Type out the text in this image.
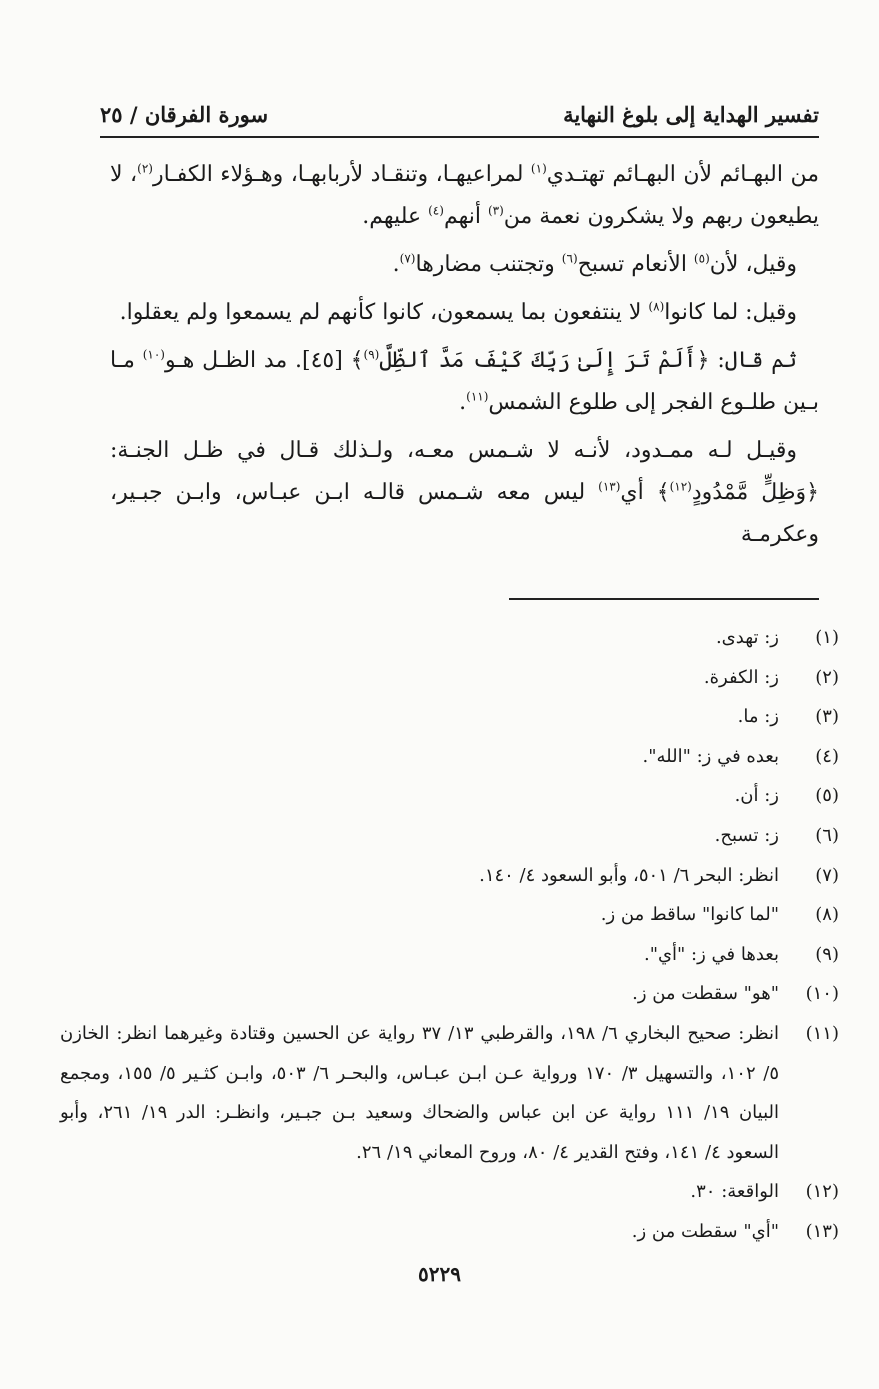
تفسير الهداية إلى بلوغ النهاية
سورة الفرقان / ٢٥

من البهـائم لأن البهـائم تهتـدي$^{(١)}$ لمراعيهـا، وتنقـاد لأربابهـا، وهـؤلاء الكفـار$^{(٢)}$، لا يطيعون ربهم ولا يشكرون نعمة من$^{(٣)}$ أنهم$^{(٤)}$ عليهم.

وقيل، لأن$^{(٥)}$ الأنعام تسبح$^{(٦)}$ وتجتنب مضارها$^{(٧)}$.

وقيل: لما كانوا$^{(٨)}$ لا ينتفعون بما يسمعون، كانوا كأنهم لم يسمعوا ولم يعقلوا.

ثم قال: ﴿أَلَمْ تَرَ إِلَىٰ رَبِّكَ كَيْفَ مَدَّ ٱلظِّلَّ$^{(٩)}$﴾ [٤٥]. مد الظـل هـو$^{(١٠)}$ مـا بـين طلـوع الفجر إلى طلوع الشمس$^{(١١)}$.

وقيـل لـه ممـدود، لأنـه لا شـمس معـه، ولـذلك قـال في ظـل الجنـة: ﴿وَظِلٍّ مَّمْدُودٍ$^{(١٢)}$﴾ أي$^{(١٣)}$ ليس معه شـمس قالـه ابـن عبـاس، وابـن جبـير، وعكرمـة

(١)
ز: تهدى.
(٢)
ز: الكفرة.
(٣)
ز: ما.
(٤)
بعده في ز: "الله".
(٥)
ز: أن.
(٦)
ز: تسبح.
(٧)
انظر: البحر ٦/ ٥٠١، وأبو السعود ٤/ ١٤٠.
(٨)
"لما كانوا" ساقط من ز.
(٩)
بعدها في ز: "أي".
(١٠)
"هو" سقطت من ز.
(١١)
انظر: صحيح البخاري ٦/ ١٩٨، والقرطبي ١٣/ ٣٧ رواية عن الحسين وقتادة وغيرهما انظر: الخازن ٥/ ١٠٢، والتسهيل ٣/ ١٧٠ ورواية عـن ابـن عبـاس، والبحـر ٦/ ٥٠٣، وابـن كثـير ٥/ ١٥٥، ومجمع البيان ١٩/ ١١١ رواية عن ابن عباس والضحاك وسعيد بـن جبـير، وانظـر: الدر ١٩/ ٢٦١، وأبو السعود ٤/ ١٤١، وفتح القدير ٤/ ٨٠، وروح المعاني ١٩/ ٢٦.
(١٢)
الواقعة: ٣٠.
(١٣)
"أي" سقطت من ز.
٥٢٢٩
